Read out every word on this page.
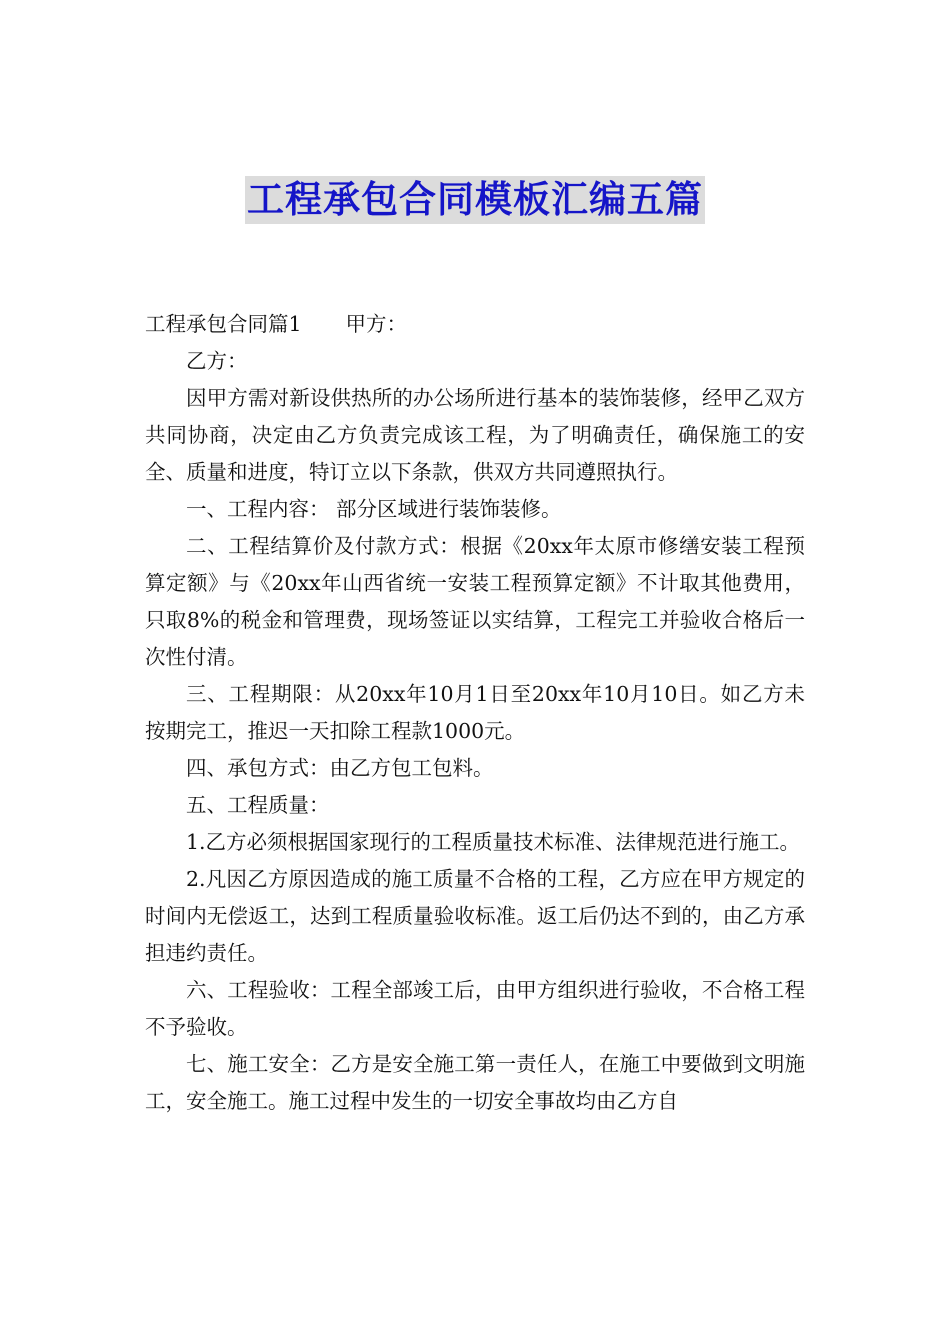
工程承包合同模板汇编五篇

工程承包合同篇1 甲方：

乙方：

因甲方需对新设供热所的办公场所进行基本的装饰装修，经甲乙双方共同协商，决定由乙方负责完成该工程，为了明确责任，确保施工的安全、质量和进度，特订立以下条款，供双方共同遵照执行。

一、工程内容： 部分区域进行装饰装修。

二、工程结算价及付款方式：根据《20xx年太原市修缮安装工程预算定额》与《20xx年山西省统一安装工程预算定额》不计取其他费用，只取8%的税金和管理费，现场签证以实结算，工程完工并验收合格后一次性付清。

三、工程期限：从20xx年10月1日至20xx年10月10日。如乙方未按期完工，推迟一天扣除工程款1000元。

四、承包方式：由乙方包工包料。

五、工程质量：

1.乙方必须根据国家现行的工程质量技术标准、法律规范进行施工。

2.凡因乙方原因造成的施工质量不合格的工程，乙方应在甲方规定的时间内无偿返工，达到工程质量验收标准。返工后仍达不到的，由乙方承担违约责任。

六、工程验收：工程全部竣工后，由甲方组织进行验收，不合格工程不予验收。

七、施工安全：乙方是安全施工第一责任人，在施工中要做到文明施工，安全施工。施工过程中发生的一切安全事故均由乙方自
